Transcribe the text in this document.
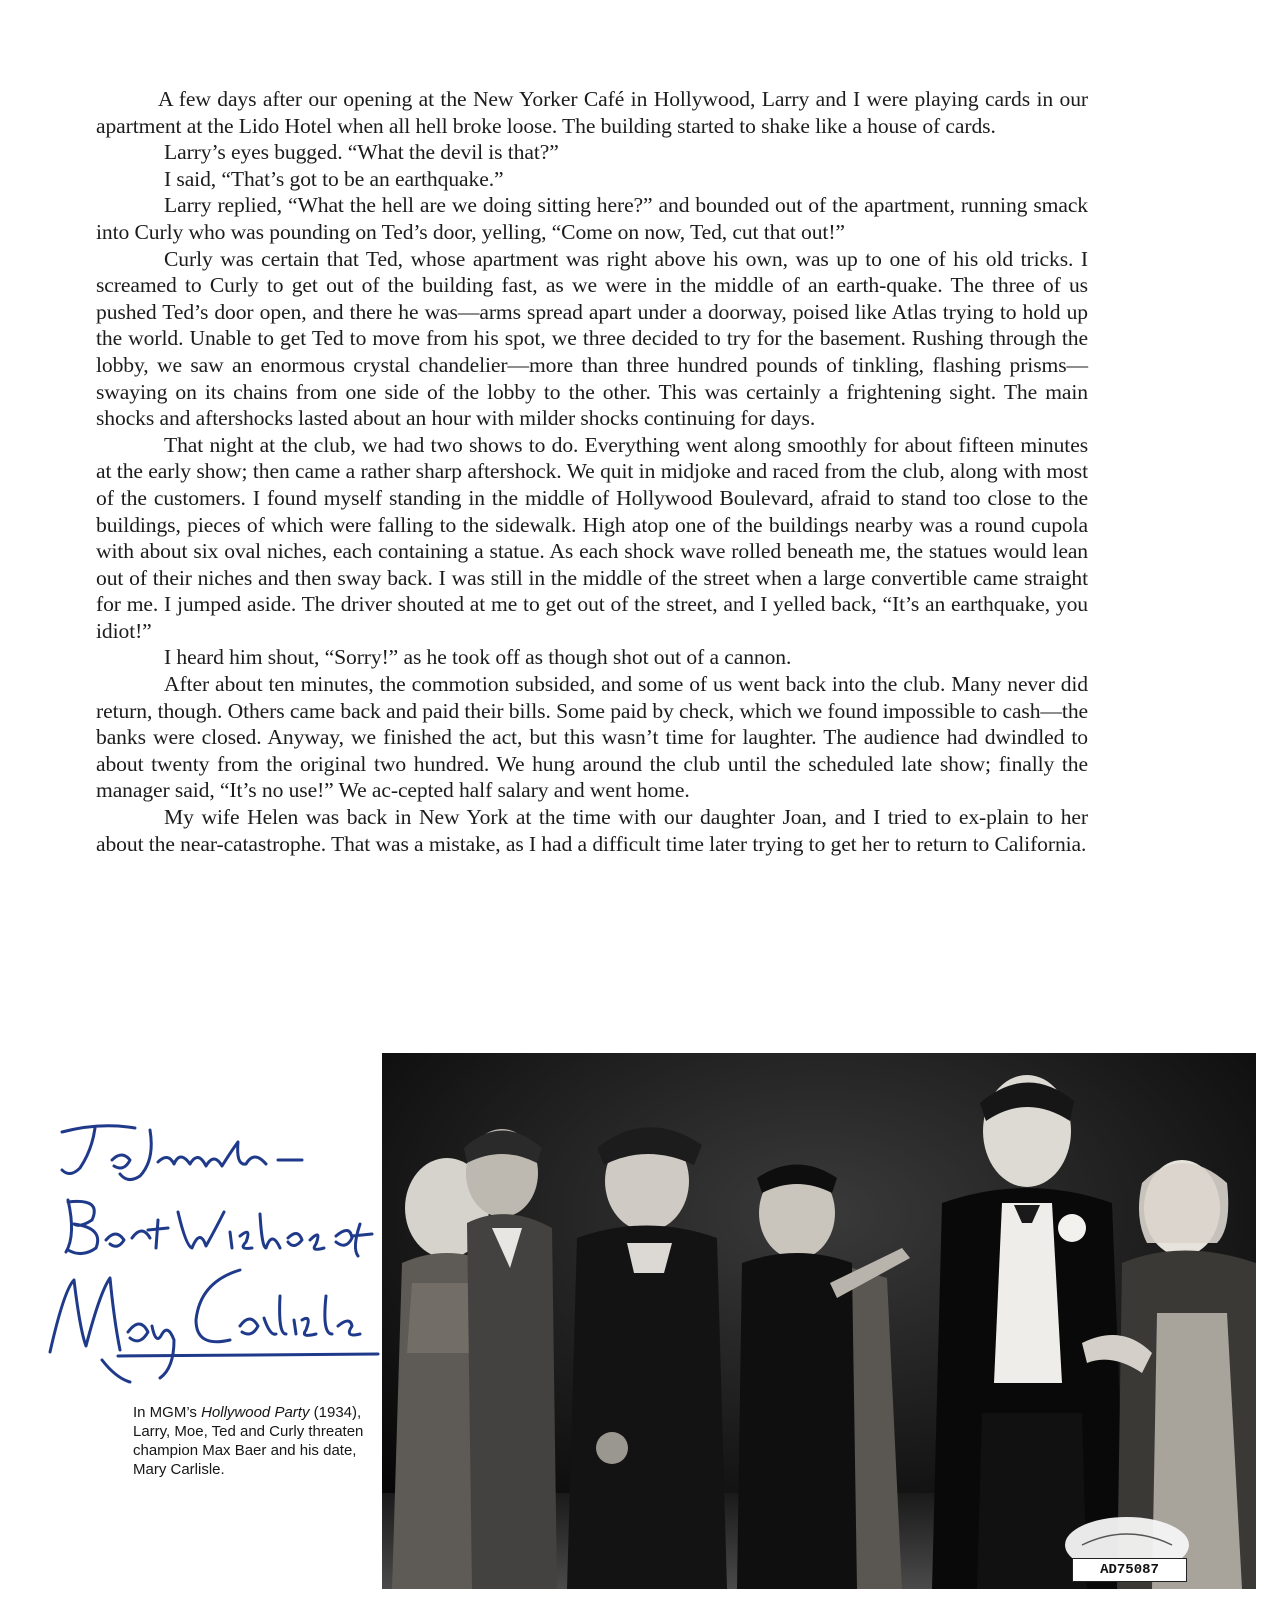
A few days after our opening at the New Yorker Café in Hollywood, Larry and I were playing cards in our apartment at the Lido Hotel when all hell broke loose. The building started to shake like a house of cards.

Larry’s eyes bugged. “What the devil is that?”

I said, “That’s got to be an earthquake.”

Larry replied, “What the hell are we doing sitting here?” and bounded out of the apartment, running smack into Curly who was pounding on Ted’s door, yelling, “Come on now, Ted, cut that out!”

Curly was certain that Ted, whose apartment was right above his own, was up to one of his old tricks. I screamed to Curly to get out of the building fast, as we were in the middle of an earth-quake. The three of us pushed Ted’s door open, and there he was—arms spread apart under a doorway, poised like Atlas trying to hold up the world. Unable to get Ted to move from his spot, we three decided to try for the basement. Rushing through the lobby, we saw an enormous crystal chandelier—more than three hundred pounds of tinkling, flashing prisms—swaying on its chains from one side of the lobby to the other. This was certainly a frightening sight. The main shocks and aftershocks lasted about an hour with milder shocks continuing for days.

That night at the club, we had two shows to do. Everything went along smoothly for about fifteen minutes at the early show; then came a rather sharp aftershock. We quit in midjoke and raced from the club, along with most of the customers. I found myself standing in the middle of Hollywood Boulevard, afraid to stand too close to the buildings, pieces of which were falling to the sidewalk. High atop one of the buildings nearby was a round cupola with about six oval niches, each containing a statue. As each shock wave rolled beneath me, the statues would lean out of their niches and then sway back. I was still in the middle of the street when a large convertible came straight for me. I jumped aside. The driver shouted at me to get out of the street, and I yelled back, “It’s an earthquake, you idiot!”

I heard him shout, “Sorry!” as he took off as though shot out of a cannon.

After about ten minutes, the commotion subsided, and some of us went back into the club. Many never did return, though. Others came back and paid their bills. Some paid by check, which we found impossible to cash—the banks were closed. Anyway, we finished the act, but this wasn’t time for laughter. The audience had dwindled to about twenty from the original two hundred. We hung around the club until the scheduled late show; finally the manager said, “It’s no use!” We ac-cepted half salary and went home.

My wife Helen was back in New York at the time with our daughter Joan, and I tried to ex-plain to her about the near-catastrophe. That was a mistake, as I had a difficult time later trying to get her to return to California.

In MGM’s Hollywood Party (1934), Larry, Moe, Ted and Curly threaten champion Max Baer and his date, Mary Carlisle.
AD75087
